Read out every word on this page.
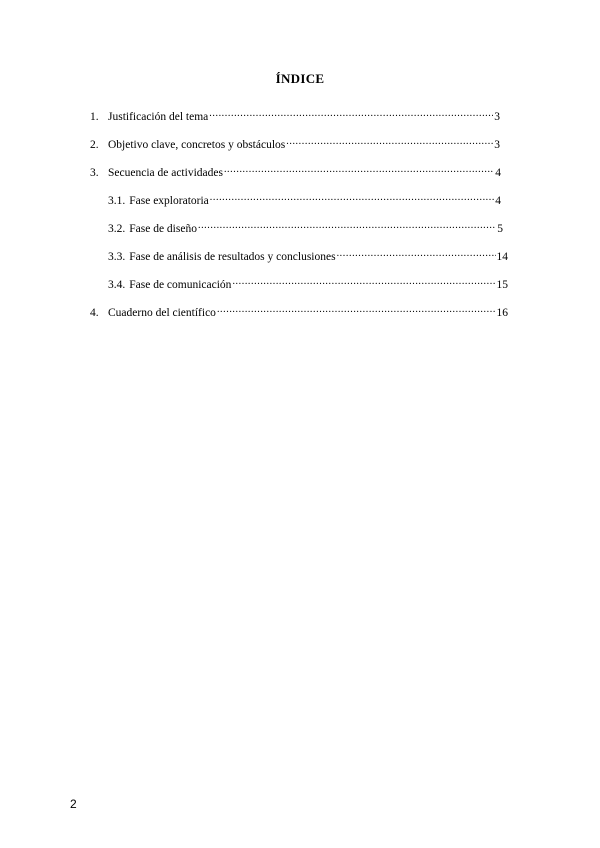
ÍNDICE
1. Justificación del tema .....	3
2. Objetivo clave, concretos y obstáculos .....	3
3. Secuencia de actividades .....	4
3.1. Fase exploratoria .....	4
3.2. Fase de diseño .....	5
3.3. Fase de análisis de resultados y conclusiones .....	14
3.4. Fase de comunicación .....	15
4. Cuaderno del científico .....	16
2
